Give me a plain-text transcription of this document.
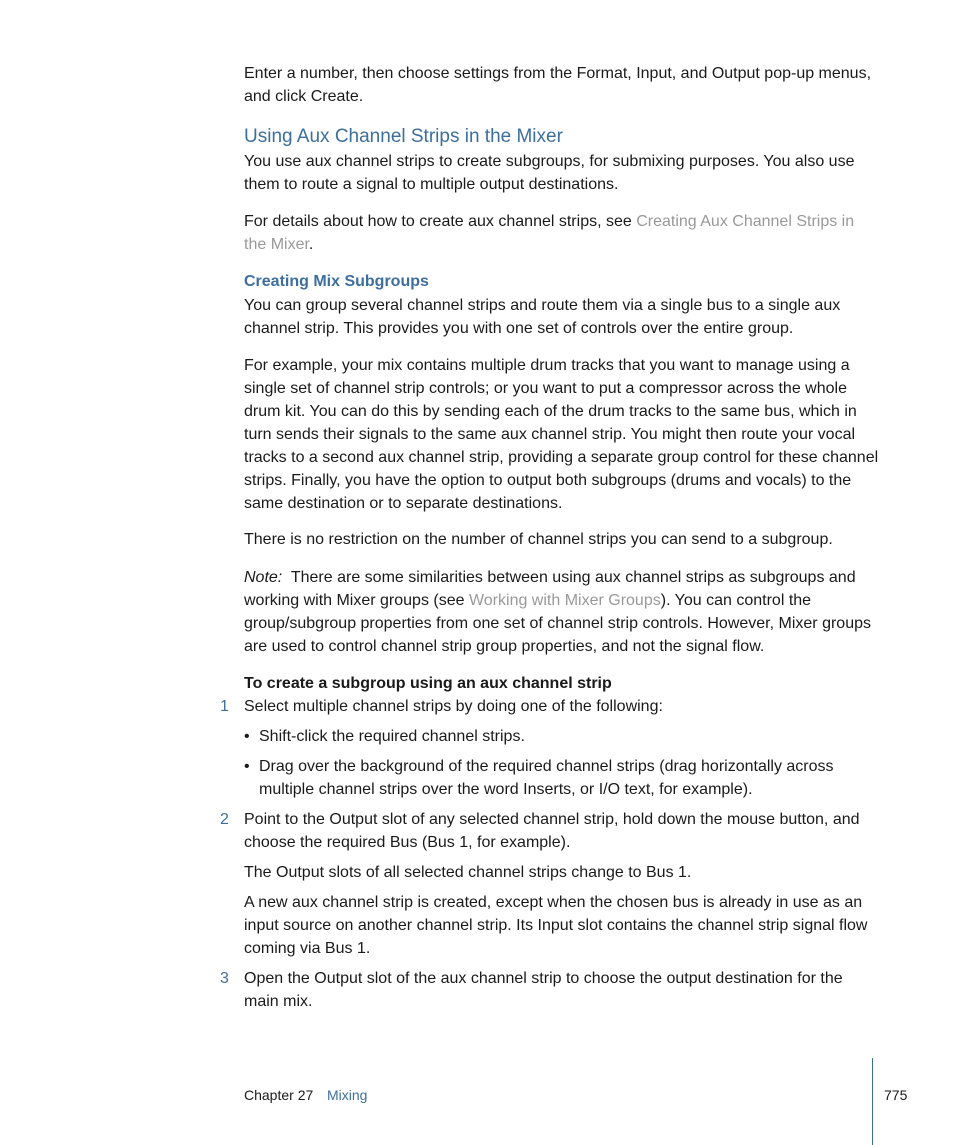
Enter a number, then choose settings from the Format, Input, and Output pop-up menus, and click Create.

Using Aux Channel Strips in the Mixer

You use aux channel strips to create subgroups, for submixing purposes. You also use them to route a signal to multiple output destinations.

For details about how to create aux channel strips, see Creating Aux Channel Strips in the Mixer.

Creating Mix Subgroups

You can group several channel strips and route them via a single bus to a single aux channel strip. This provides you with one set of controls over the entire group.

For example, your mix contains multiple drum tracks that you want to manage using a single set of channel strip controls; or you want to put a compressor across the whole drum kit. You can do this by sending each of the drum tracks to the same bus, which in turn sends their signals to the same aux channel strip. You might then route your vocal tracks to a second aux channel strip, providing a separate group control for these channel strips. Finally, you have the option to output both subgroups (drums and vocals) to the same destination or to separate destinations.

There is no restriction on the number of channel strips you can send to a subgroup.

Note:  There are some similarities between using aux channel strips as subgroups and working with Mixer groups (see Working with Mixer Groups). You can control the group/subgroup properties from one set of channel strip controls. However, Mixer groups are used to control channel strip group properties, and not the signal flow.

To create a subgroup using an aux channel strip

1 Select multiple channel strips by doing one of the following:

• Shift-click the required channel strips.

• Drag over the background of the required channel strips (drag horizontally across multiple channel strips over the word Inserts, or I/O text, for example).

2 Point to the Output slot of any selected channel strip, hold down the mouse button, and choose the required Bus (Bus 1, for example).

The Output slots of all selected channel strips change to Bus 1.

A new aux channel strip is created, except when the chosen bus is already in use as an input source on another channel strip. Its Input slot contains the channel strip signal flow coming via Bus 1.

3 Open the Output slot of the aux channel strip to choose the output destination for the main mix.

Chapter 27 Mixing	775
